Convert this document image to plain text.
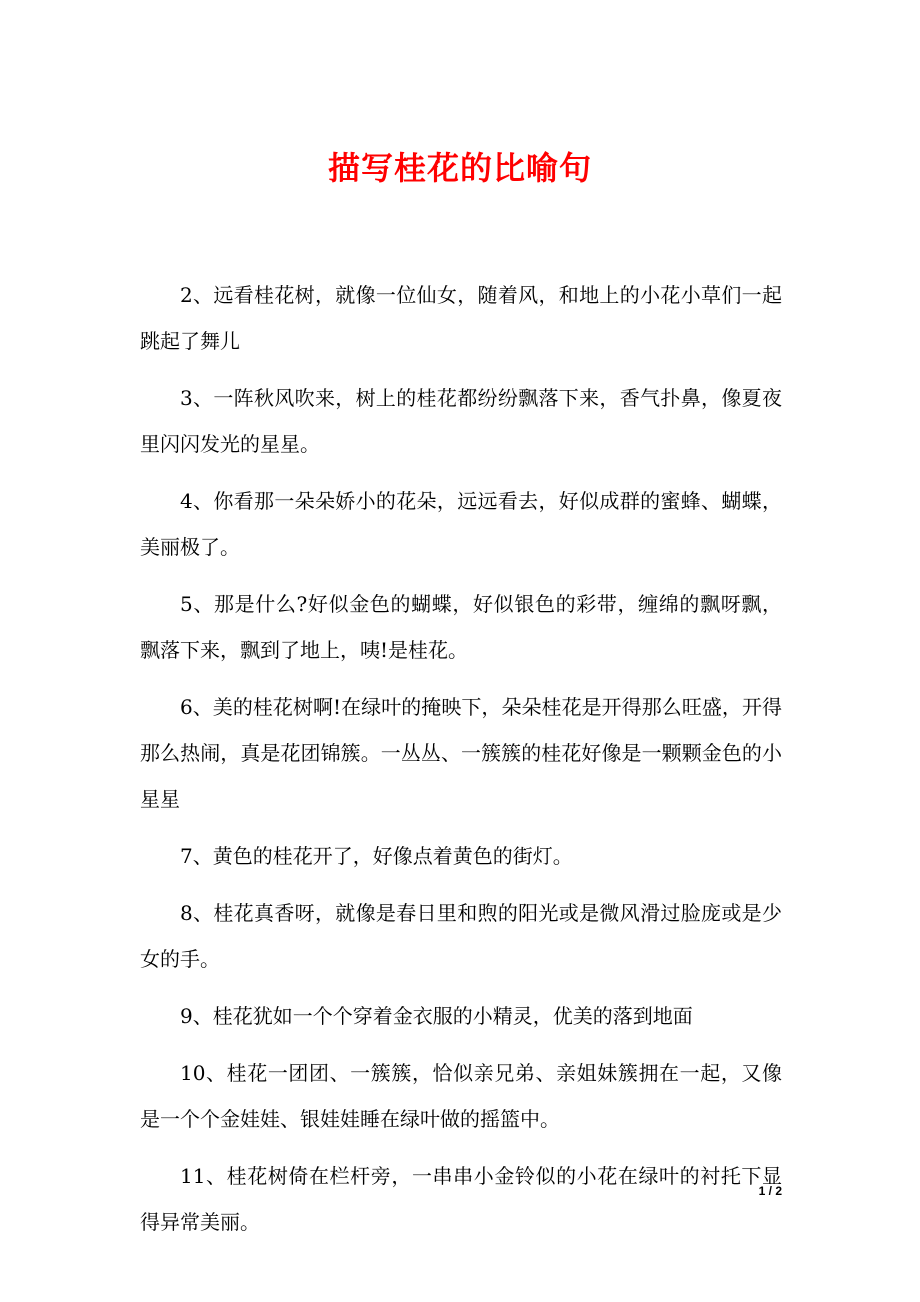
描写桂花的比喻句

2、远看桂花树，就像一位仙女，随着风，和地上的小花小草们一起跳起了舞儿

3、一阵秋风吹来，树上的桂花都纷纷飘落下来，香气扑鼻，像夏夜里闪闪发光的星星。

4、你看那一朵朵娇小的花朵，远远看去，好似成群的蜜蜂、蝴蝶，美丽极了。

5、那是什么?好似金色的蝴蝶，好似银色的彩带，缠绵的飘呀飘，飘落下来，飘到了地上，咦!是桂花。

6、美的桂花树啊!在绿叶的掩映下，朵朵桂花是开得那么旺盛，开得那么热闹，真是花团锦簇。一丛丛、一簇簇的桂花好像是一颗颗金色的小星星

7、黄色的桂花开了，好像点着黄色的街灯。

8、桂花真香呀，就像是春日里和煦的阳光或是微风滑过脸庞或是少女的手。

9、桂花犹如一个个穿着金衣服的小精灵，优美的落到地面

10、桂花一团团、一簇簇，恰似亲兄弟、亲姐妹簇拥在一起，又像是一个个金娃娃、银娃娃睡在绿叶做的摇篮中。

11、桂花树倚在栏杆旁，一串串小金铃似的小花在绿叶的衬托下显得异常美丽。

1 / 2
